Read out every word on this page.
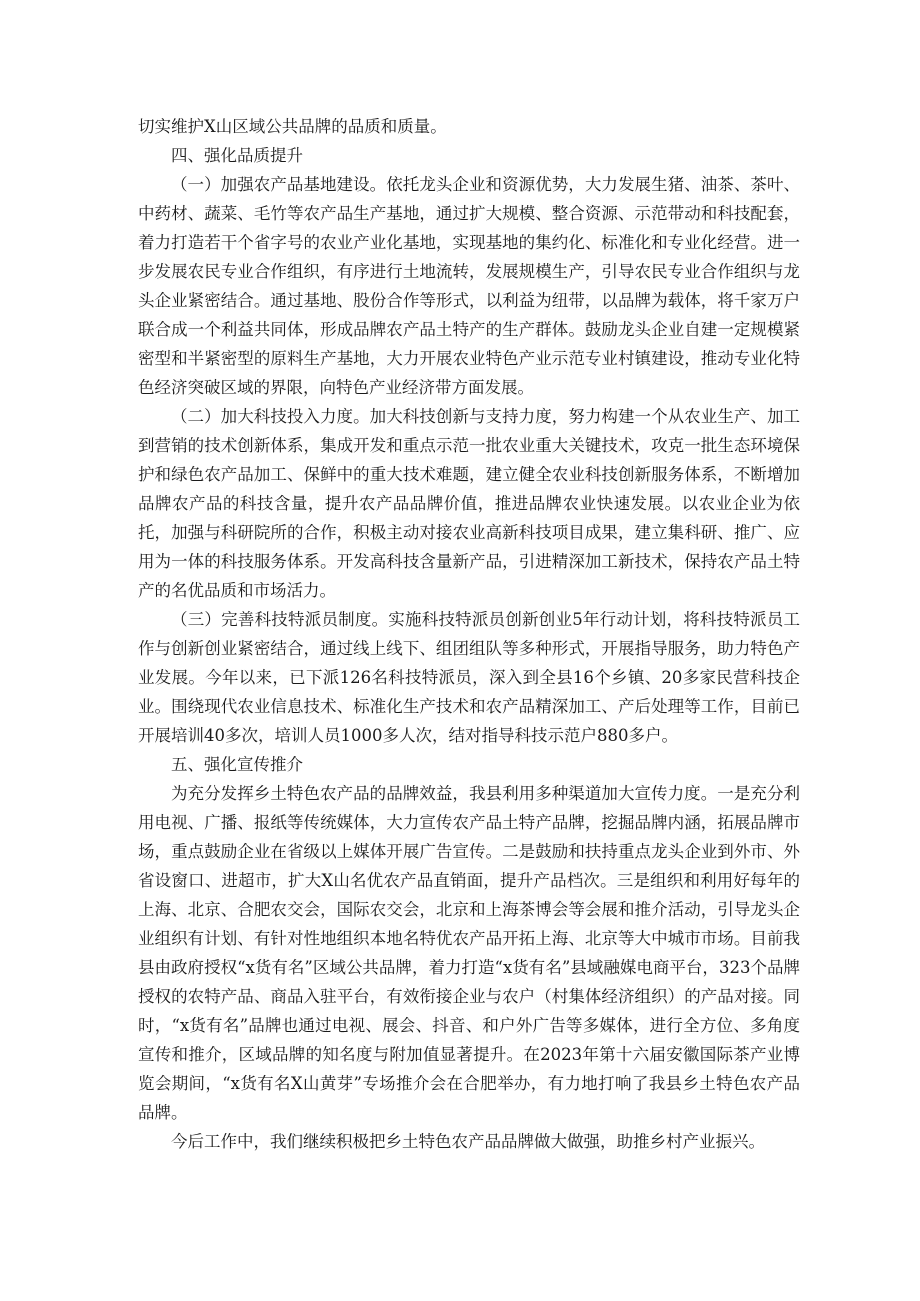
切实维护X山区域公共品牌的品质和质量。

四、强化品质提升

（一）加强农产品基地建设。依托龙头企业和资源优势，大力发展生猪、油茶、茶叶、中药材、蔬菜、毛竹等农产品生产基地，通过扩大规模、整合资源、示范带动和科技配套，着力打造若干个省字号的农业产业化基地，实现基地的集约化、标准化和专业化经营。进一步发展农民专业合作组织，有序进行土地流转，发展规模生产，引导农民专业合作组织与龙头企业紧密结合。通过基地、股份合作等形式，以利益为纽带，以品牌为载体，将千家万户联合成一个利益共同体，形成品牌农产品土特产的生产群体。鼓励龙头企业自建一定规模紧密型和半紧密型的原料生产基地，大力开展农业特色产业示范专业村镇建设，推动专业化特色经济突破区域的界限，向特色产业经济带方面发展。

（二）加大科技投入力度。加大科技创新与支持力度，努力构建一个从农业生产、加工到营销的技术创新体系，集成开发和重点示范一批农业重大关键技术，攻克一批生态环境保护和绿色农产品加工、保鲜中的重大技术难题，建立健全农业科技创新服务体系，不断增加品牌农产品的科技含量，提升农产品品牌价值，推进品牌农业快速发展。以农业企业为依托，加强与科研院所的合作，积极主动对接农业高新科技项目成果，建立集科研、推广、应用为一体的科技服务体系。开发高科技含量新产品，引进精深加工新技术，保持农产品土特产的名优品质和市场活力。

（三）完善科技特派员制度。实施科技特派员创新创业5年行动计划，将科技特派员工作与创新创业紧密结合，通过线上线下、组团组队等多种形式，开展指导服务，助力特色产业发展。今年以来，已下派126名科技特派员，深入到全县16个乡镇、20多家民营科技企业。围绕现代农业信息技术、标准化生产技术和农产品精深加工、产后处理等工作，目前已开展培训40多次，培训人员1000多人次，结对指导科技示范户880多户。

五、强化宣传推介

为充分发挥乡土特色农产品的品牌效益，我县利用多种渠道加大宣传力度。一是充分利用电视、广播、报纸等传统媒体，大力宣传农产品土特产品牌，挖掘品牌内涵，拓展品牌市场，重点鼓励企业在省级以上媒体开展广告宣传。二是鼓励和扶持重点龙头企业到外市、外省设窗口、进超市，扩大X山名优农产品直销面，提升产品档次。三是组织和利用好每年的上海、北京、合肥农交会，国际农交会，北京和上海茶博会等会展和推介活动，引导龙头企业组织有计划、有针对性地组织本地名特优农产品开拓上海、北京等大中城市市场。目前我县由政府授权“x货有名”区域公共品牌，着力打造“x货有名”县域融媒电商平台，323个品牌授权的农特产品、商品入驻平台，有效衔接企业与农户（村集体经济组织）的产品对接。同时，“x货有名”品牌也通过电视、展会、抖音、和户外广告等多媒体，进行全方位、多角度宣传和推介，区域品牌的知名度与附加值显著提升。在2023年第十六届安徽国际茶产业博览会期间，“x货有名X山黄芽”专场推介会在合肥举办，有力地打响了我县乡土特色农产品品牌。

今后工作中，我们继续积极把乡土特色农产品品牌做大做强，助推乡村产业振兴。
